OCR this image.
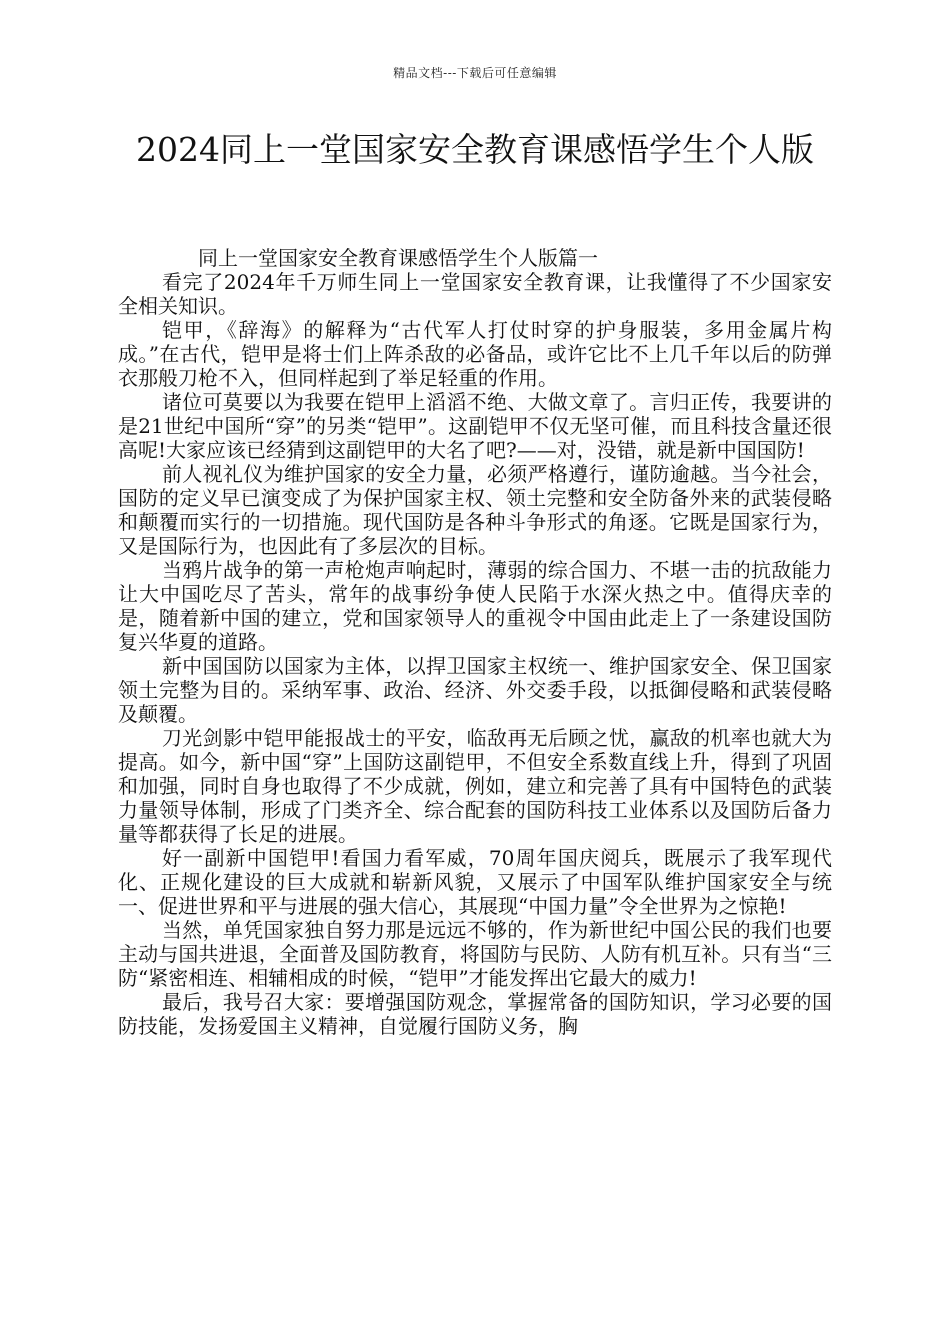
精品文档---下载后可任意编辑
2024同上一堂国家安全教育课感悟学生个人版

同上一堂国家安全教育课感悟学生个人版篇一

看完了2024年千万师生同上一堂国家安全教育课，让我懂得了不少国家安全相关知识。

铠甲，《辞海》的解释为“古代军人打仗时穿的护身服装，多用金属片构成。”在古代，铠甲是将士们上阵杀敌的必备品，或许它比不上几千年以后的防弹衣那般刀枪不入，但同样起到了举足轻重的作用。

诸位可莫要以为我要在铠甲上滔滔不绝、大做文章了。言归正传，我要讲的是21世纪中国所“穿”的另类“铠甲”。这副铠甲不仅无坚可催，而且科技含量还很高呢!大家应该已经猜到这副铠甲的大名了吧?——对，没错，就是新中国国防!

前人视礼仪为维护国家的安全力量，必须严格遵行，谨防逾越。当今社会，国防的定义早已演变成了为保护国家主权、领土完整和安全防备外来的武装侵略和颠覆而实行的一切措施。现代国防是各种斗争形式的角逐。它既是国家行为，又是国际行为，也因此有了多层次的目标。

当鸦片战争的第一声枪炮声响起时，薄弱的综合国力、不堪一击的抗敌能力让大中国吃尽了苦头，常年的战事纷争使人民陷于水深火热之中。值得庆幸的是，随着新中国的建立，党和国家领导人的重视令中国由此走上了一条建设国防复兴华夏的道路。

新中国国防以国家为主体，以捍卫国家主权统一、维护国家安全、保卫国家领土完整为目的。采纳军事、政治、经济、外交委手段，以抵御侵略和武装侵略及颠覆。

刀光剑影中铠甲能报战士的平安，临敌再无后顾之忧，赢敌的机率也就大为提高。如今，新中国“穿”上国防这副铠甲，不但安全系数直线上升，得到了巩固和加强，同时自身也取得了不少成就，例如，建立和完善了具有中国特色的武装力量领导体制，形成了门类齐全、综合配套的国防科技工业体系以及国防后备力量等都获得了长足的进展。

好一副新中国铠甲!看国力看军威，70周年国庆阅兵，既展示了我军现代化、正规化建设的巨大成就和崭新风貌，又展示了中国军队维护国家安全与统一、促进世界和平与进展的强大信心，其展现“中国力量”令全世界为之惊艳!

当然，单凭国家独自努力那是远远不够的，作为新世纪中国公民的我们也要主动与国共进退，全面普及国防教育，将国防与民防、人防有机互补。只有当“三防“紧密相连、相辅相成的时候，“铠甲”才能发挥出它最大的威力!

最后，我号召大家：要增强国防观念，掌握常备的国防知识，学习必要的国防技能，发扬爱国主义精神，自觉履行国防义务，胸
